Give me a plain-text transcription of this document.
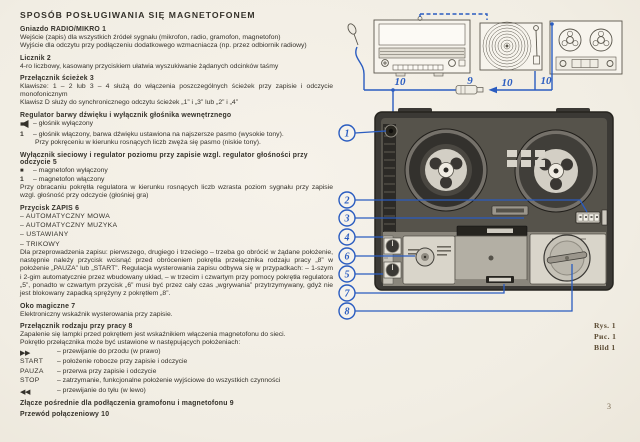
SPOSÓB POSŁUGIWANIA SIĘ MAGNETOFONEM
Gniazdo RADIO/MIKRO 1

Wejście (zapis) dla wszystkich źródeł sygnału (mikrofon, radio, gramofon, magnetofon)

Wyjście dla odczytu przy podłączeniu dodatkowego wzmacniacza (np. przez odbiornik radiowy)

Licznik 2

4-ro liczbowy, kasowany przyciskiem ułatwia wyszukiwanie żądanych odcinków taśmy

Przełącznik ścieżek 3

Klawisze: 1 – 2 lub 3 – 4 służą do włączenia poszczególnych ścieżek przy zapisie i odczycie monofonicznym

Klawisz D służy do synchronicznego odczytu ścieżek „1” i „3” lub „2” i „4”

Regulator barwy dźwięku i wyłącznik głośnika wewnętrznego
– głośnik wyłączony
1	– głośnik włączony, barwa dźwięku ustawiona na najszersze pasmo (wysokie tony).

Przy pokręceniu w kierunku rosnących liczb zwęża się pasmo (niskie tony).

Wyłącznik sieciowy i regulator poziomu przy zapisie wzgl. regulator głośności przy odczycie 5
■	– magnetofon wyłączony
1	– magnetofon włączony

Przy obracaniu pokrętła regulatora w kierunku rosnących liczb wzrasta poziom sygnału przy zapisie wzgl. głośność przy odczycie (głośniej gra)

Przycisk ZAPIS 6

– AUTOMATYCZNY MOWA

– AUTOMATYCZNY MUZYKA

– USTAWIANY

– TRIKOWY

Dla przeprowadzenia zapisu: pierwszego, drugiego i trzeciego – trzeba go obrócić w żądane położenie, następnie należy przycisk wcisnąć przed obróceniem pokrętła przełącznika rodzaju pracy „8” w położenie „PAUZA” lub „START”. Regulacja wysterowania zapisu odbywa się w przypadkach: – 1-szym i 2-gim automatycznie przez wbudowany układ, – w trzecim i czwartym przy pomocy pokrętła regulatora „5”, ponadto w czwartym przycisk „6” musi być przez cały czas „wgrywania” przytrzymywany, gdyż nie jest blokowany zapadką sprężyny z pokrętłem „8”.

Oko magiczne 7

Elektroniczny wskaźnik wysterowania przy zapisie.

Przełącznik rodzaju przy pracy 8

Zapalenie się lampki przed pokrętłem jest wskaźnikiem włączenia magnetofonu do sieci.

Pokrętło przełącznika może być ustawione w następujących położeniach:

▶▶	– przewijanie do przodu (w prawo)
START	– położenie robocze przy zapisie i odczycie
PAUZA	– przerwa przy zapisie i odczycie
STOP	– zatrzymanie, funkcjonalne położenie wyjściowe do wszystkich czynności
◀◀	– przewijanie do tyłu (w lewo)
Złącze pośrednie dla podłączenia gramofonu i magnetofonu 9
Przewód połączeniowy 10
10	9	10	10
1
2
3
4
6
5
7
8
Rys. 1
Рис. 1
Bild 1
3
